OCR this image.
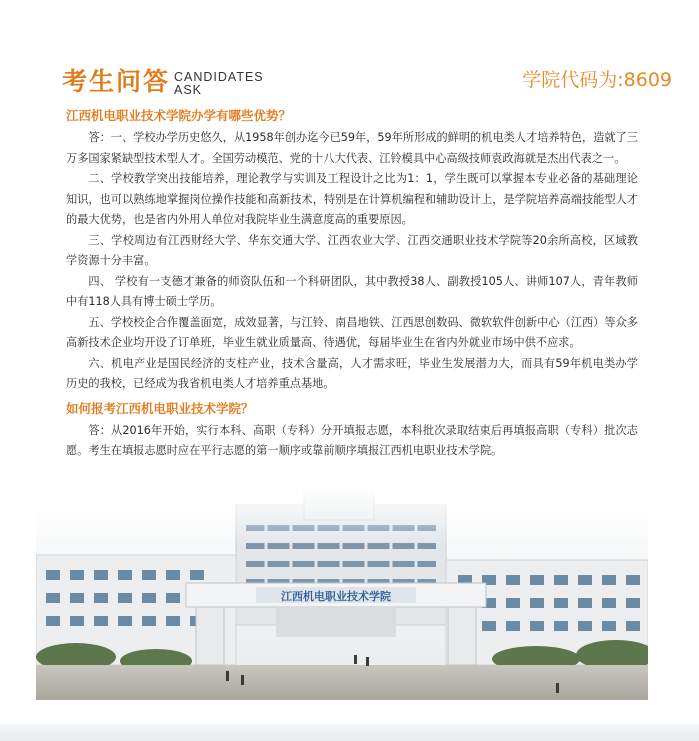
考生问答 CANDIDATES
ASK	学院代码为:8609
江西机电职业技术学院办学有哪些优势？

答：一、学校办学历史悠久，从1958年创办迄今已59年，59年所形成的鲜明的机电类人才培养特色，造就了三万多国家紧缺型技术型人才。全国劳动模范、党的十八大代表、江铃模具中心高级技师袁政海就是杰出代表之一。

二、学校教学突出技能培养，理论教学与实训及工程设计之比为1：1，学生既可以掌握本专业必备的基础理论知识，也可以熟练地掌握岗位操作技能和高新技术，特别是在计算机编程和辅助设计上，是学院培养高端技能型人才的最大优势，也是省内外用人单位对我院毕业生满意度高的重要原因。

三、学校周边有江西财经大学、华东交通大学、江西农业大学、江西交通职业技术学院等20余所高校，区域教学资源十分丰富。

四、 学校有一支德才兼备的师资队伍和一个科研团队，其中教授38人、副教授105人、讲师107人，青年教师中有118人具有博士硕士学历。

五、学校校企合作覆盖面宽，成效显著，与江铃、南昌地铁、江西思创数码、微软软件创新中心（江西）等众多高新技术企业均开设了订单班，毕业生就业质量高、待遇优，每届毕业生在省内外就业市场中供不应求。

六、机电产业是国民经济的支柱产业，技术含量高，人才需求旺，毕业生发展潜力大，而具有59年机电类办学历史的我校，已经成为我省机电类人才培养重点基地。

如何报考江西机电职业技术学院？

答：从2016年开始，实行本科、高职（专科）分开填报志愿，本科批次录取结束后再填报高职（专科）批次志愿。考生在填报志愿时应在平行志愿的第一顺序或靠前顺序填报江西机电职业技术学院。

江西机电职业技术学院
